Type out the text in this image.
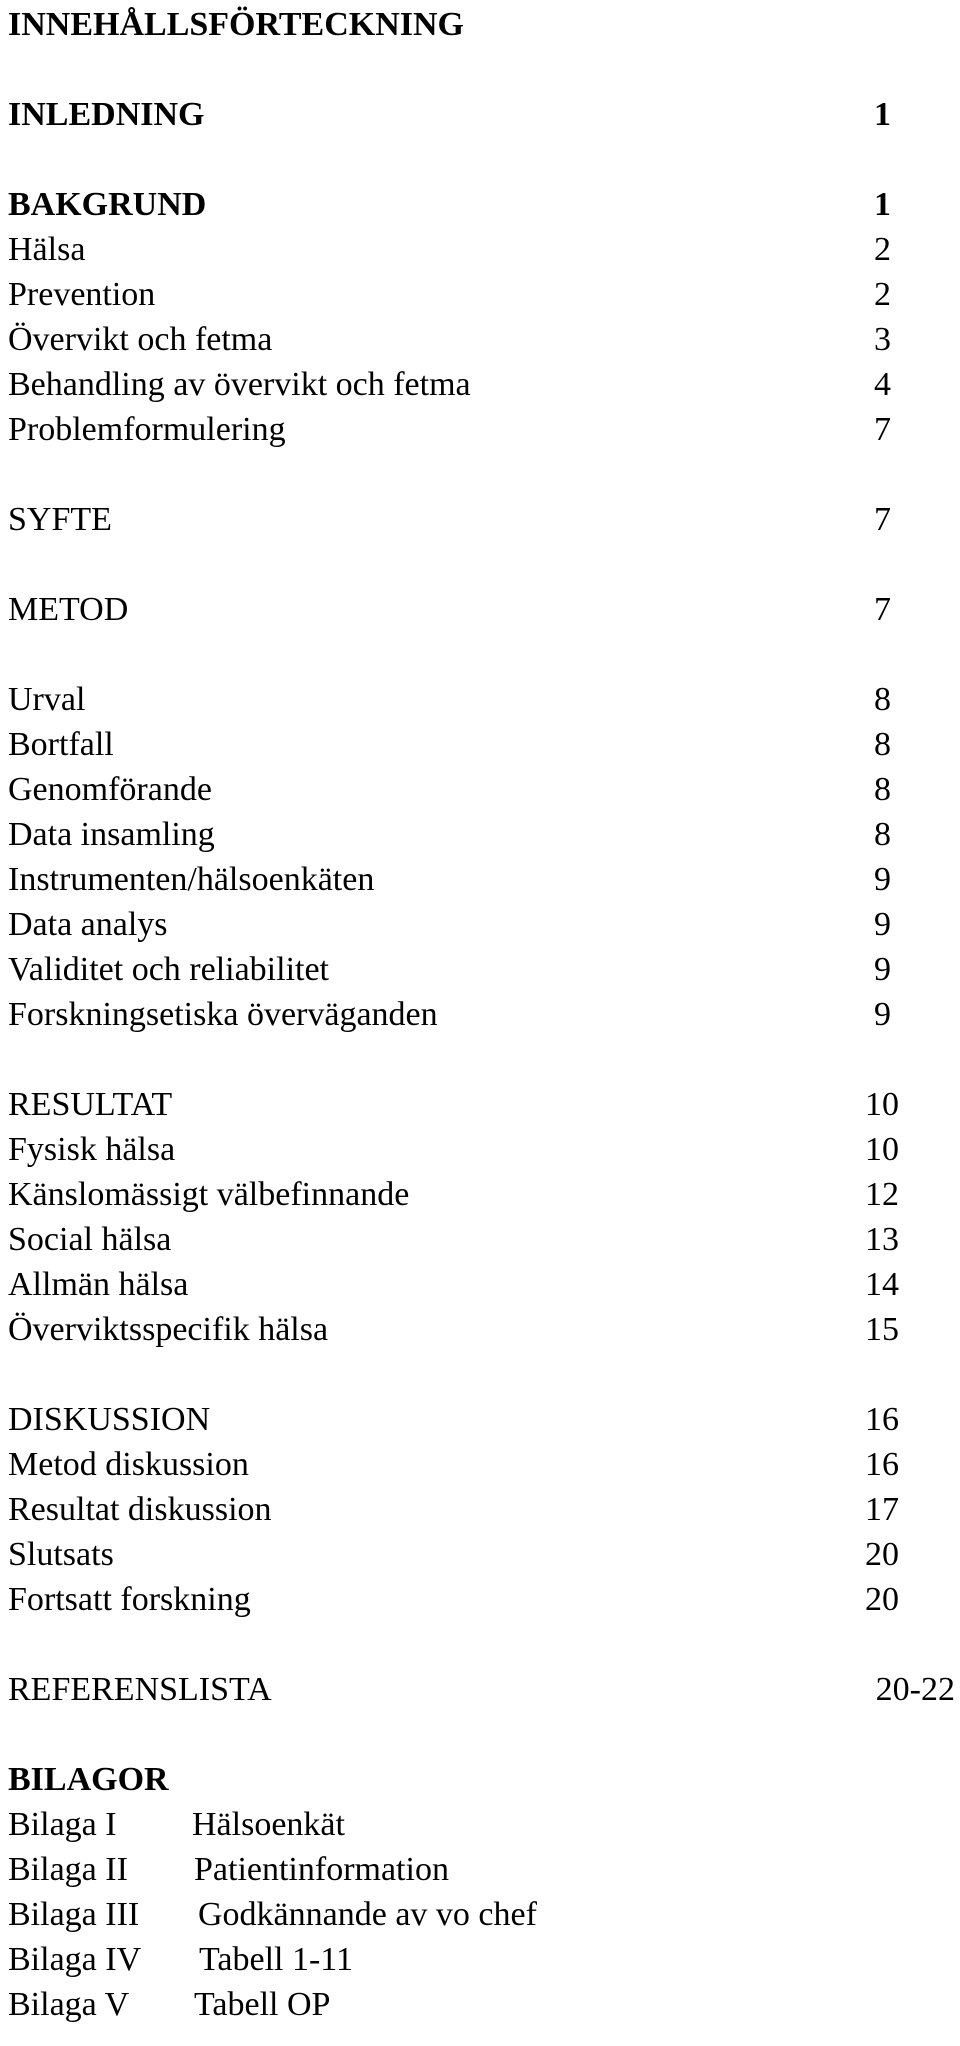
INNEHÅLLSFÖRTECKNING
INLEDNING	1
BAKGRUND	1
Hälsa	2
Prevention	2
Övervikt och fetma	3
Behandling av övervikt och fetma	4
Problemformulering	7
SYFTE	7
METOD	7
Urval	8
Bortfall	8
Genomförande	8
Data insamling	8
Instrumenten/hälsoenkäten	9
Data analys	9
Validitet och reliabilitet	9
Forskningsetiska överväganden	9
RESULTAT	10
Fysisk hälsa	10
Känslomässigt välbefinnande	12
Social hälsa	13
Allmän hälsa	14
Överviktsspecifik hälsa	15
DISKUSSION	16
Metod diskussion	16
Resultat diskussion	17
Slutsats	20
Fortsatt forskning	20
REFERENSLISTA	20-22
BILAGOR
Bilaga I Hälsoenkät
Bilaga II Patientinformation
Bilaga III Godkännande av vo chef
Bilaga IV Tabell 1-11
Bilaga V Tabell OP
